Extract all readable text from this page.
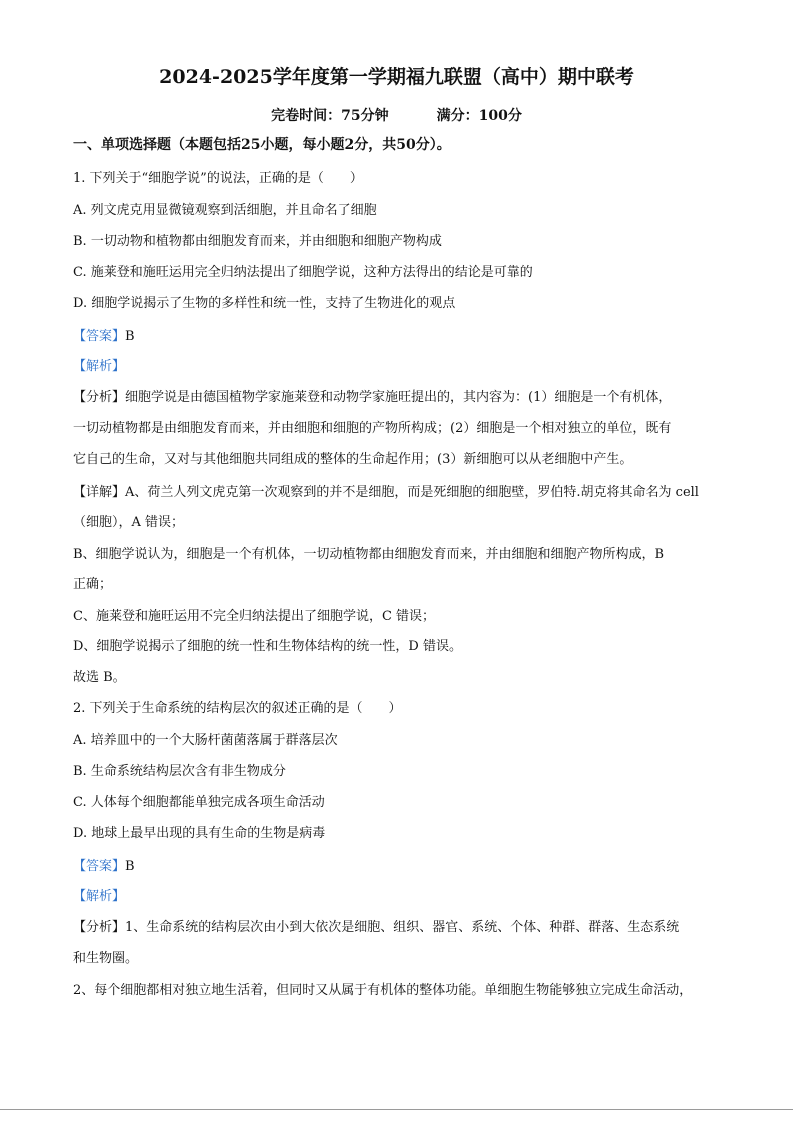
2024-2025学年度第一学期福九联盟（高中）期中联考
完卷时间：75分钟	满分：100分
一、单项选择题（本题包括25小题，每小题2分，共50分）。
1. 下列关于“细胞学说”的说法，正确的是（　　）
A. 列文虎克用显微镜观察到活细胞，并且命名了细胞
B. 一切动物和植物都由细胞发育而来，并由细胞和细胞产物构成
C. 施莱登和施旺运用完全归纳法提出了细胞学说，这种方法得出的结论是可靠的
D. 细胞学说揭示了生物的多样性和统一性，支持了生物进化的观点
【答案】B
【解析】
【分析】细胞学说是由德国植物学家施莱登和动物学家施旺提出的，其内容为：(1）细胞是一个有机体，
一切动植物都是由细胞发育而来，并由细胞和细胞的产物所构成；(2）细胞是一个相对独立的单位，既有
它自己的生命，又对与其他细胞共同组成的整体的生命起作用；(3）新细胞可以从老细胞中产生。
【详解】A、荷兰人列文虎克第一次观察到的并不是细胞，而是死细胞的细胞壁，罗伯特.胡克将其命名为 cell
（细胞），A 错误；
B、细胞学说认为，细胞是一个有机体，一切动植物都由细胞发育而来，并由细胞和细胞产物所构成，B
正确；
C、施莱登和施旺运用不完全归纳法提出了细胞学说，C 错误；
D、细胞学说揭示了细胞的统一性和生物体结构的统一性，D 错误。
故选 B。
2. 下列关于生命系统的结构层次的叙述正确的是（　　）
A. 培养皿中的一个大肠杆菌菌落属于群落层次
B. 生命系统结构层次含有非生物成分
C. 人体每个细胞都能单独完成各项生命活动
D. 地球上最早出现的具有生命的生物是病毒
【答案】B
【解析】
【分析】1、生命系统的结构层次由小到大依次是细胞、组织、器官、系统、个体、种群、群落、生态系统
和生物圈。
2、每个细胞都相对独立地生活着，但同时又从属于有机体的整体功能。单细胞生物能够独立完成生命活动，
